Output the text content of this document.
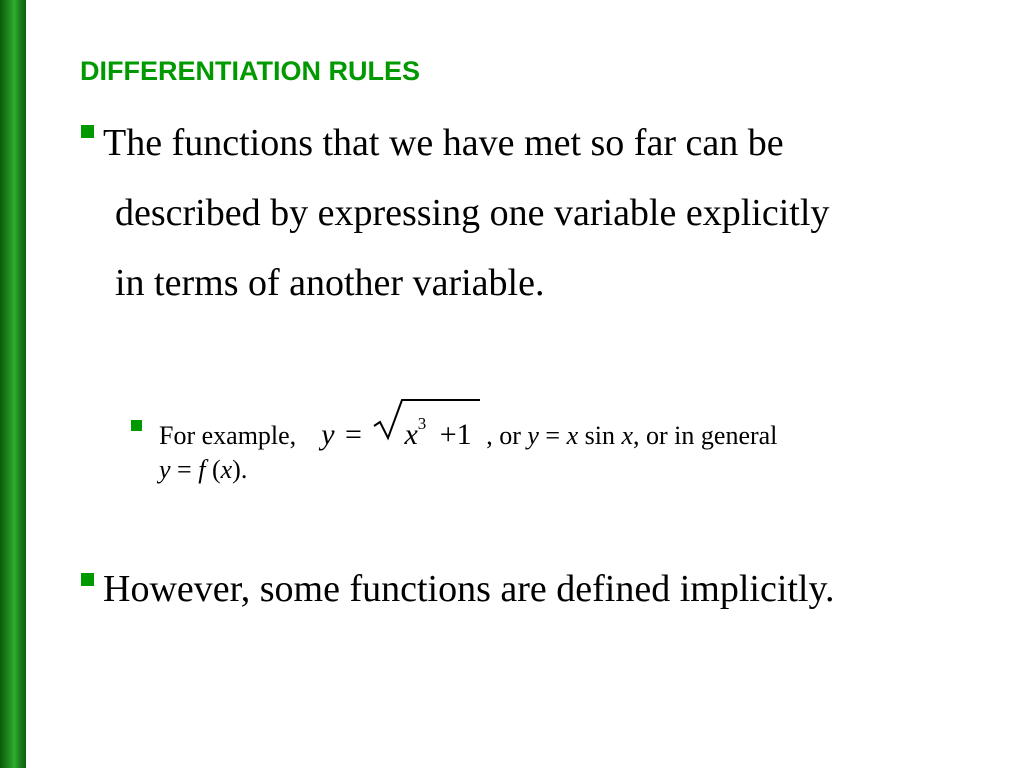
DIFFERENTIATION RULES
The functions that we have met so far can be
described by expressing one variable explicitly
in terms of another variable.
For example, $y = x^3 +1$ , or y = x sin x, or in general
y = f (x).
However, some functions are defined implicitly.
